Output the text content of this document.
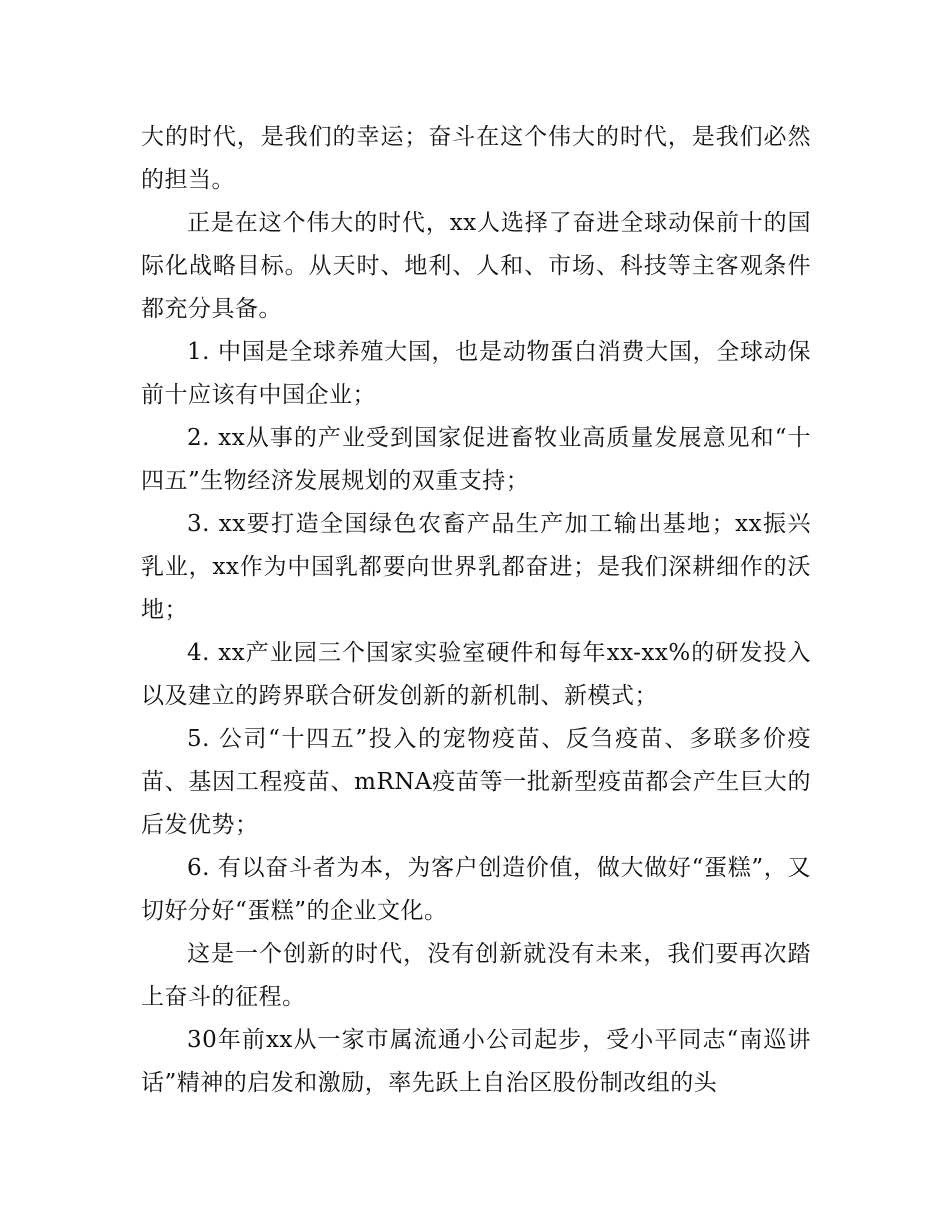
大的时代，是我们的幸运；奋斗在这个伟大的时代，是我们必然的担当。

正是在这个伟大的时代，xx人选择了奋进全球动保前十的国际化战略目标。从天时、地利、人和、市场、科技等主客观条件都充分具备。

1. 中国是全球养殖大国，也是动物蛋白消费大国，全球动保前十应该有中国企业；

2. xx从事的产业受到国家促进畜牧业高质量发展意见和“十四五”生物经济发展规划的双重支持；

3. xx要打造全国绿色农畜产品生产加工输出基地；xx振兴乳业，xx作为中国乳都要向世界乳都奋进；是我们深耕细作的沃地；

4. xx产业园三个国家实验室硬件和每年xx-xx%的研发投入以及建立的跨界联合研发创新的新机制、新模式；

5. 公司“十四五”投入的宠物疫苗、反刍疫苗、多联多价疫苗、基因工程疫苗、mRNA疫苗等一批新型疫苗都会产生巨大的后发优势；

6. 有以奋斗者为本，为客户创造价值，做大做好“蛋糕”，又切好分好“蛋糕”的企业文化。

这是一个创新的时代，没有创新就没有未来，我们要再次踏上奋斗的征程。

30年前xx从一家市属流通小公司起步，受小平同志“南巡讲话”精神的启发和激励，率先跃上自治区股份制改组的头
